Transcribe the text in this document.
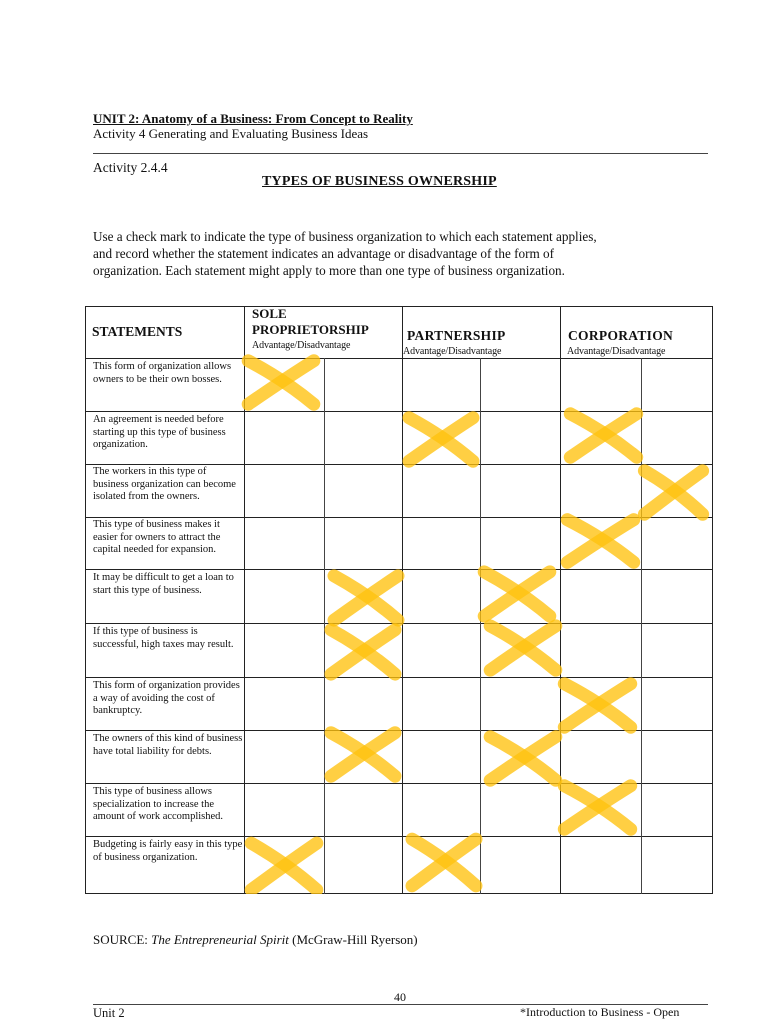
UNIT 2: Anatomy of a Business: From Concept to Reality
Activity 4 Generating and Evaluating Business Ideas
Activity 2.4.4
TYPES OF BUSINESS OWNERSHIP

Use a check mark to indicate the type of business organization to which each statement applies,

and record whether the statement indicates an advantage or disadvantage of the form of

organization. Each statement might apply to more than one type of business organization.

STATEMENTS
SOLE
PROPRIETORSHIP
Advantage/Disadvantage
PARTNERSHIP
Advantage/Disadvantage
CORPORATION
Advantage/Disadvantage
This form of organization allows owners to be their own bosses.
An agreement is needed before starting up this type of business organization.
The workers in this type of business organization can become isolated from the owners.
This type of business makes it easier for owners to attract the capital needed for expansion.
It may be difficult to get a loan to start this type of business.
If this type of business is successful, high taxes may result.
This form of organization provides a way of avoiding the cost of bankruptcy.
The owners of this kind of business have total liability for debts.
This type of business allows specialization to increase the amount of work accomplished.
Budgeting is fairly easy in this type of business organization.
SOURCE: The Entrepreneurial Spirit (McGraw-Hill Ryerson)
40
Unit 2	*Introduction to Business - Open
